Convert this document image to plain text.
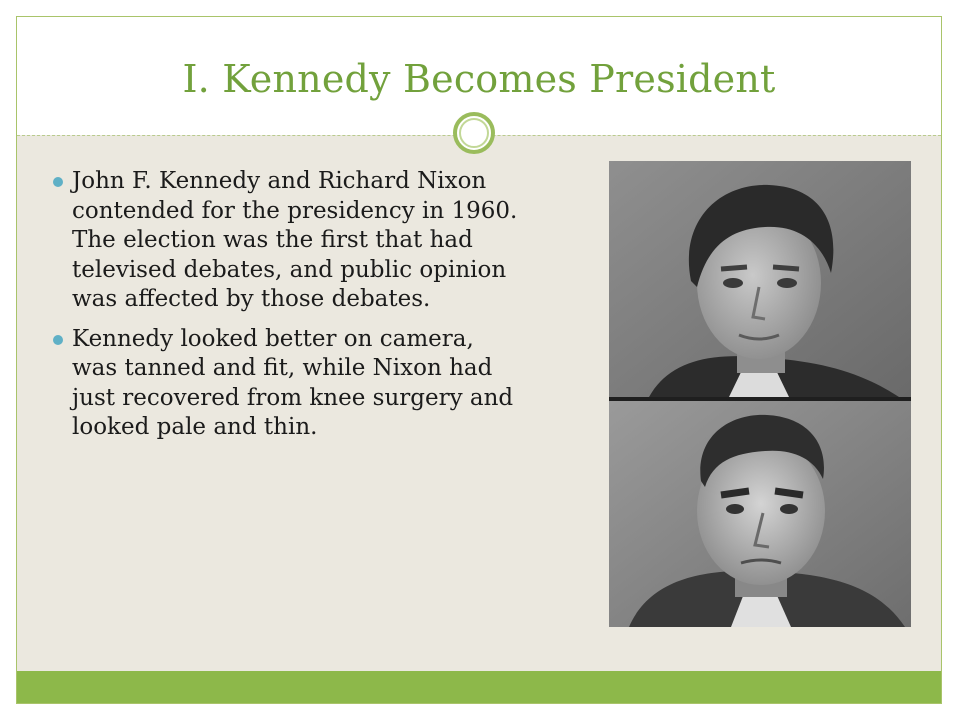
I. Kennedy Becomes President
John F. Kennedy and Richard Nixon contended for the presidency in 1960. The election was the first that had televised debates, and public opinion was affected by those debates.
Kennedy looked better on camera, was tanned and fit, while Nixon had just recovered from knee surgery and looked pale and thin.
